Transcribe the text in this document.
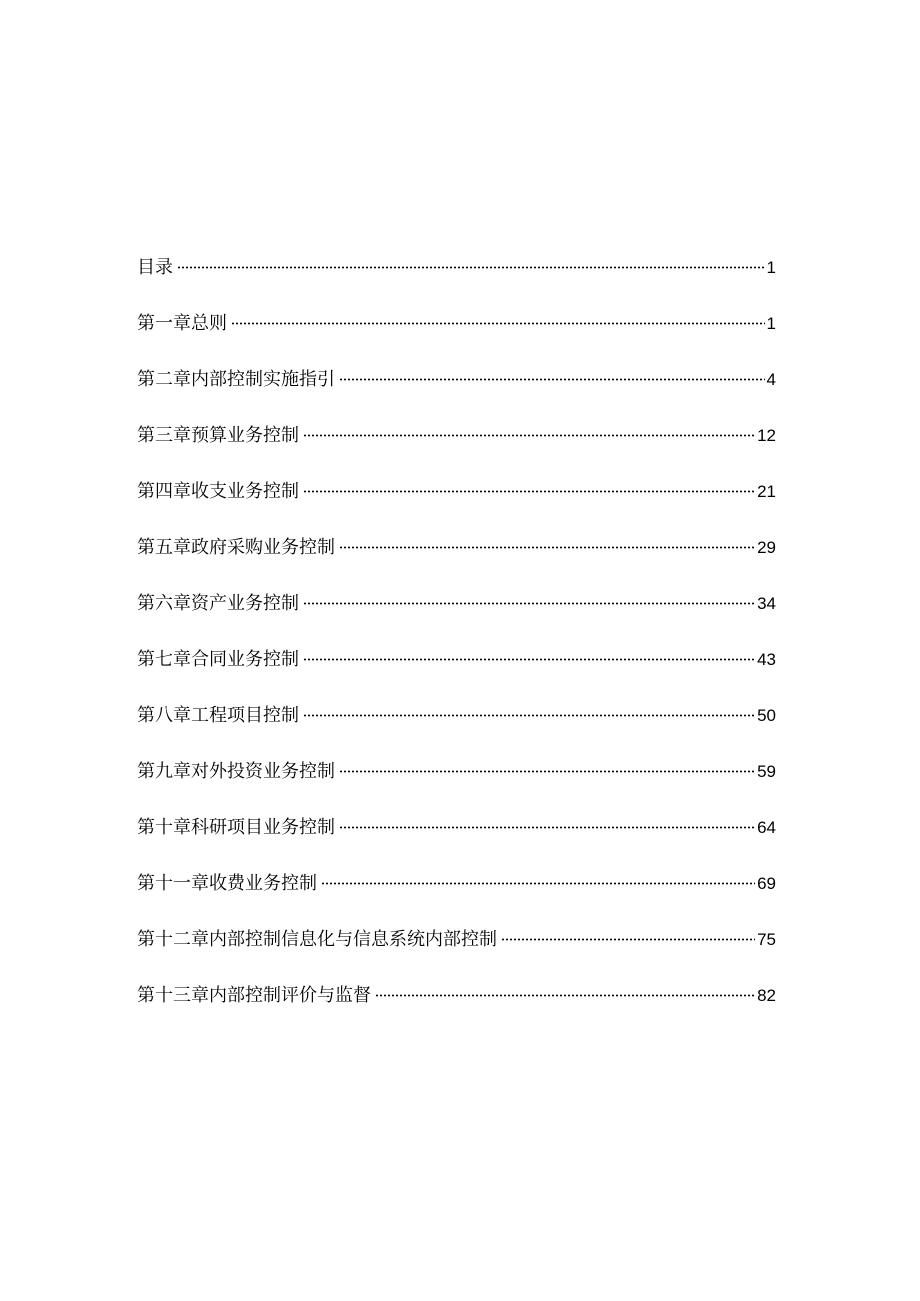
目录	1
第一章总则	1
第二章内部控制实施指引	4
第三章预算业务控制	12
第四章收支业务控制	21
第五章政府采购业务控制	29
第六章资产业务控制	34
第七章合同业务控制	43
第八章工程项目控制	50
第九章对外投资业务控制	59
第十章科研项目业务控制	64
第十一章收费业务控制	69
第十二章内部控制信息化与信息系统内部控制	75
第十三章内部控制评价与监督	82
